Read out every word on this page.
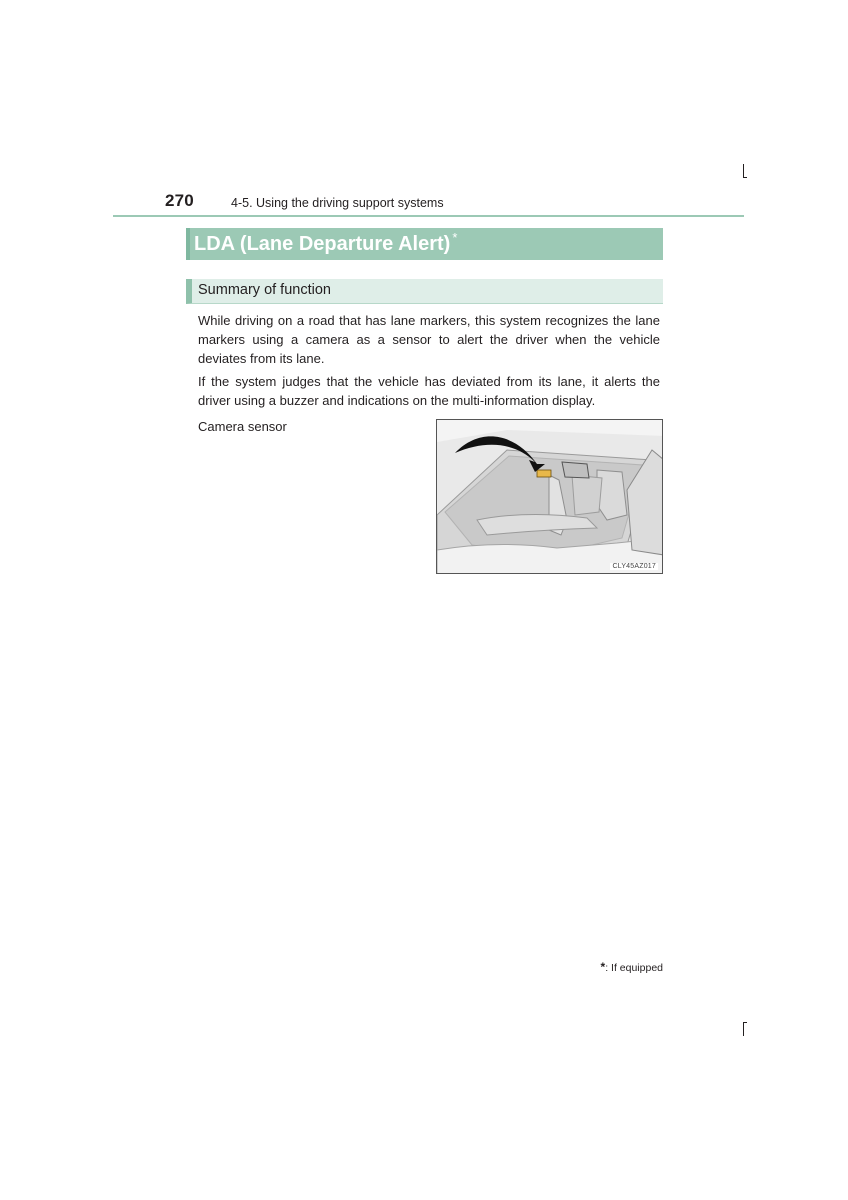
270	4-5. Using the driving support systems
LDA (Lane Departure Alert) *
Summary of function

While driving on a road that has lane markers, this system recognizes the lane markers using a camera as a sensor to alert the driver when the vehicle deviates from its lane.

If the system judges that the vehicle has deviated from its lane, it alerts the driver using a buzzer and indications on the multi-information display.

Camera sensor
CLY45AZ017
*: If equipped
